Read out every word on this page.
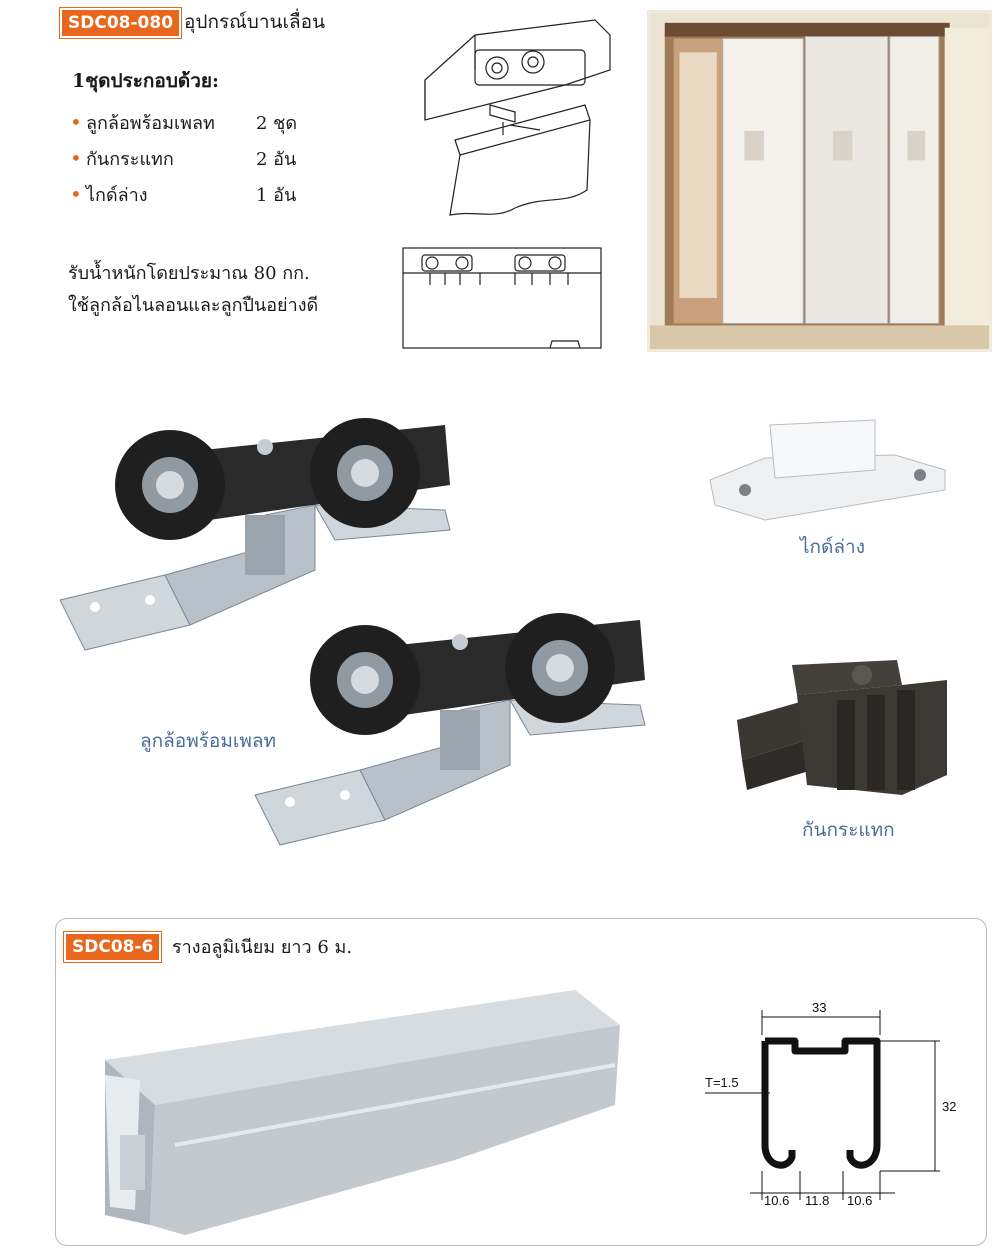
SDC08-080 อุปกรณ์บานเลื่อน
1ชุดประกอบด้วย:
• ลูกล้อพร้อมเพลท	2 ชุด
• กันกระแทก	2 อัน
• ไกด์ล่าง	1 อัน
รับน้ำหนักโดยประมาณ 80 กก.
ใช้ลูกล้อไนลอนและลูกปืนอย่างดี
ไกด์ล่าง
ลูกล้อพร้อมเพลท
กันกระแทก
SDC08-6	รางอลูมิเนียม ยาว 6 ม.
33
32
T=1.5
10.6 11.8 10.6
